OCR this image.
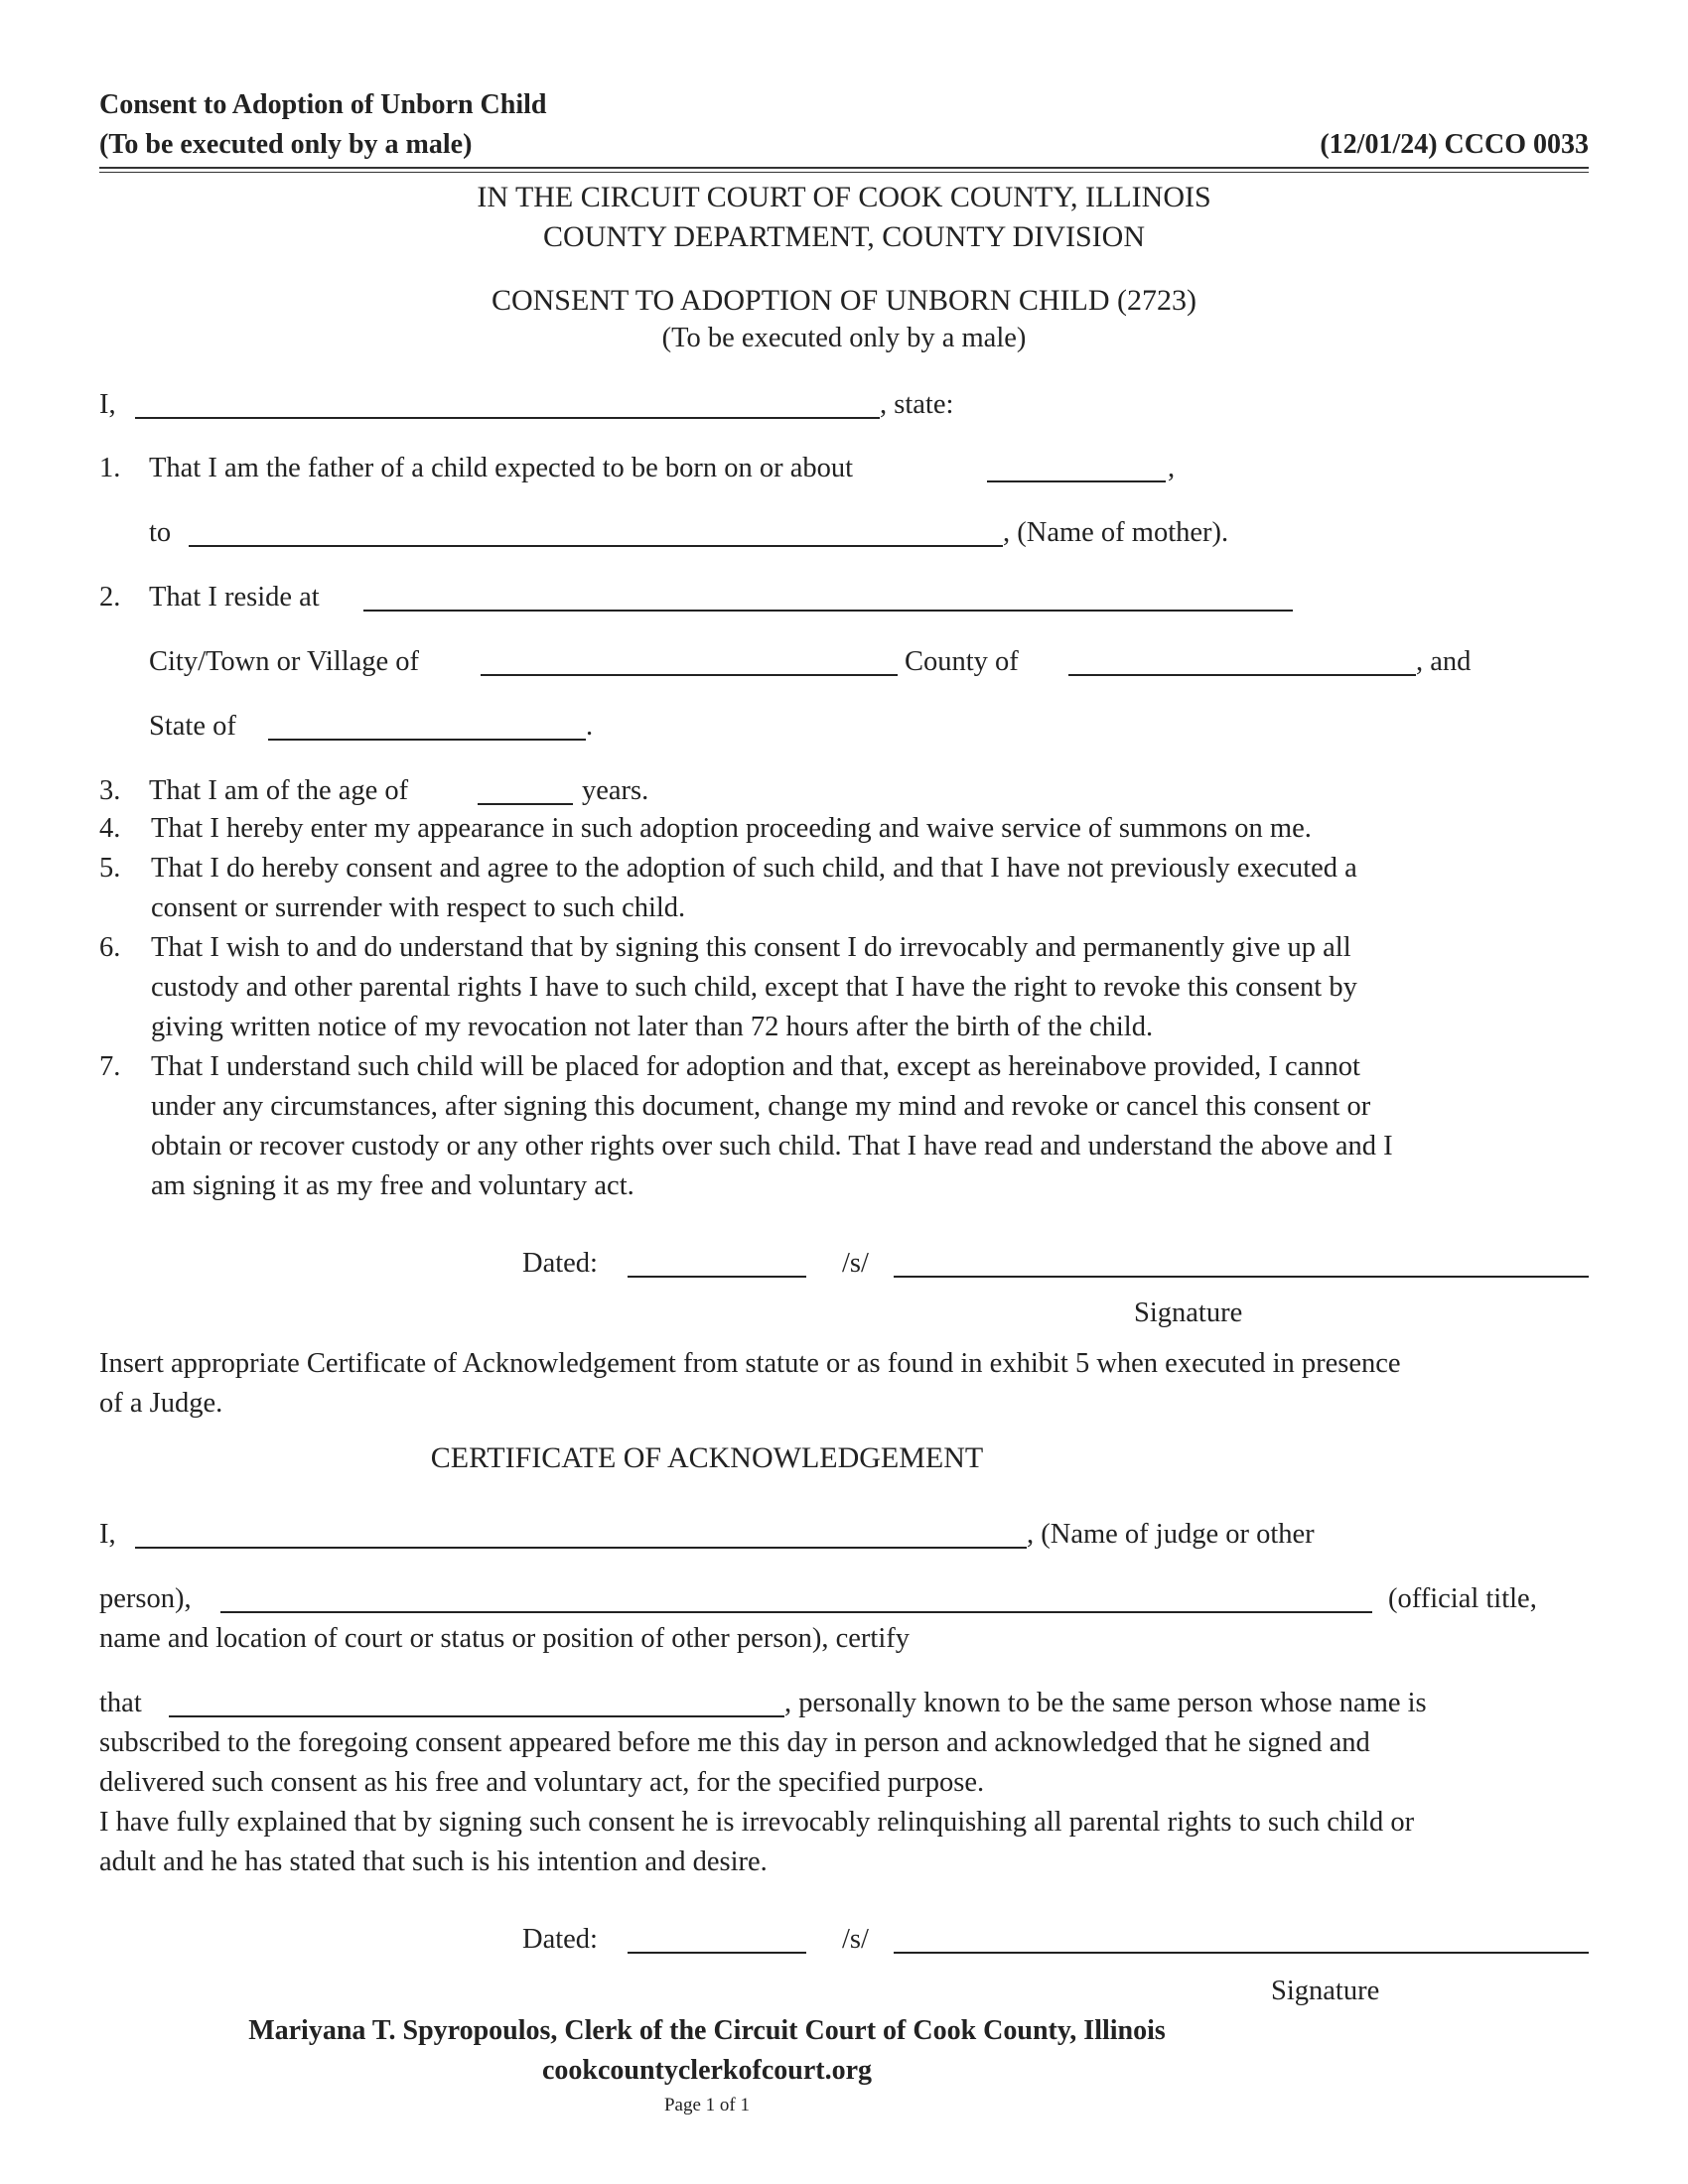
Consent to Adoption of Unborn Child
(To be executed only by a male)	(12/01/24) CCCO 0033
IN THE CIRCUIT COURT OF COOK COUNTY, ILLINOIS
COUNTY DEPARTMENT, COUNTY DIVISION
CONSENT TO ADOPTION OF UNBORN CHILD (2723)
(To be executed only by a male)
I,	, state:
1. That I am the father of a child expected to be born on or about	,
to	, (Name of mother).
2. That I reside at
City/Town or Village of	County of	, and
State of	.
3. That I am of the age of	years.

4. That I hereby enter my appearance in such adoption proceeding and waive service of summons on me.

5. That I do hereby consent and agree to the adoption of such child, and that I have not previously executed a

consent or surrender with respect to such child.

6. That I wish to and do understand that by signing this consent I do irrevocably and permanently give up all

custody and other parental rights I have to such child, except that I have the right to revoke this consent by

giving written notice of my revocation not later than 72 hours after the birth of the child.

7. That I understand such child will be placed for adoption and that, except as hereinabove provided, I cannot

under any circumstances, after signing this document, change my mind and revoke or cancel this consent or

obtain or recover custody or any other rights over such child. That I have read and understand the above and I

am signing it as my free and voluntary act.

Dated:	/s/
Signature
Insert appropriate Certificate of Acknowledgement from statute or as found in exhibit 5 when executed in presence
of a Judge.
CERTIFICATE OF ACKNOWLEDGEMENT
I,	, (Name of judge or other
person),	(official title,
name and location of court or status or position of other person), certify
that	, personally known to be the same person whose name is
subscribed to the foregoing consent appeared before me this day in person and acknowledged that he signed and
delivered such consent as his free and voluntary act, for the specified purpose.
I have fully explained that by signing such consent he is irrevocably relinquishing all parental rights to such child or
adult and he has stated that such is his intention and desire.
Dated:	/s/
Signature
Mariyana T. Spyropoulos, Clerk of the Circuit Court of Cook County, Illinois
cookcountyclerkofcourt.org
Page 1 of 1
